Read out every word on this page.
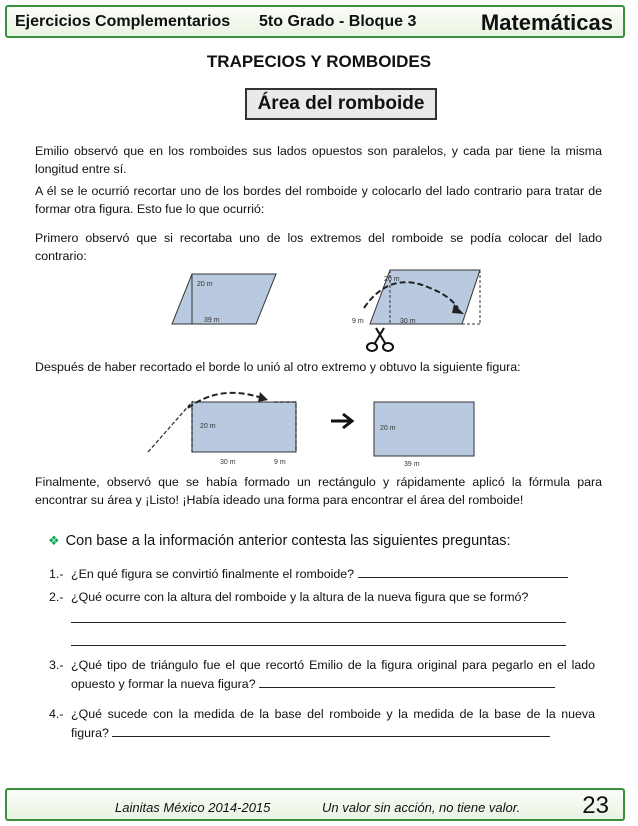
Ejercicios Complementarios 5to Grado - Bloque 3	Matemáticas
TRAPECIOS Y ROMBOIDES
Área del romboide
Emilio observó que en los romboides sus lados opuestos son paralelos, y cada par tiene la misma longitud entre sí.
A él se le ocurrió recortar uno de los bordes del romboide y colocarlo del lado contrario para tratar de formar otra figura. Esto fue lo que ocurrió:
Primero observó que si recortaba uno de los extremos del romboide se podía colocar del lado contrario:
20 m
39 m
20 m
9 m	30 m
Después de haber recortado el borde lo unió al otro extremo y obtuvo la siguiente figura:
20 m
30 m	9 m
20 m
39 m
Finalmente, observó que se había formado un rectángulo y rápidamente aplicó la fórmula para encontrar su área y ¡Listo! ¡Había ideado una forma para encontrar el área del romboide!
❖ Con base a la información anterior contesta las siguientes preguntas:
1.- ¿En qué figura se convirtió finalmente el romboide?
2.- ¿Qué ocurre con la altura del romboide y la altura de la nueva figura que se formó?
3.- ¿Qué tipo de triángulo fue el que recortó Emilio de la figura original para pegarlo en el lado opuesto y formar la nueva figura?
4.- ¿Qué sucede con la medida de la base del romboide y la medida de la base de la nueva figura?
Lainitas México 2014-2015	Un valor sin acción, no tiene valor.	23
